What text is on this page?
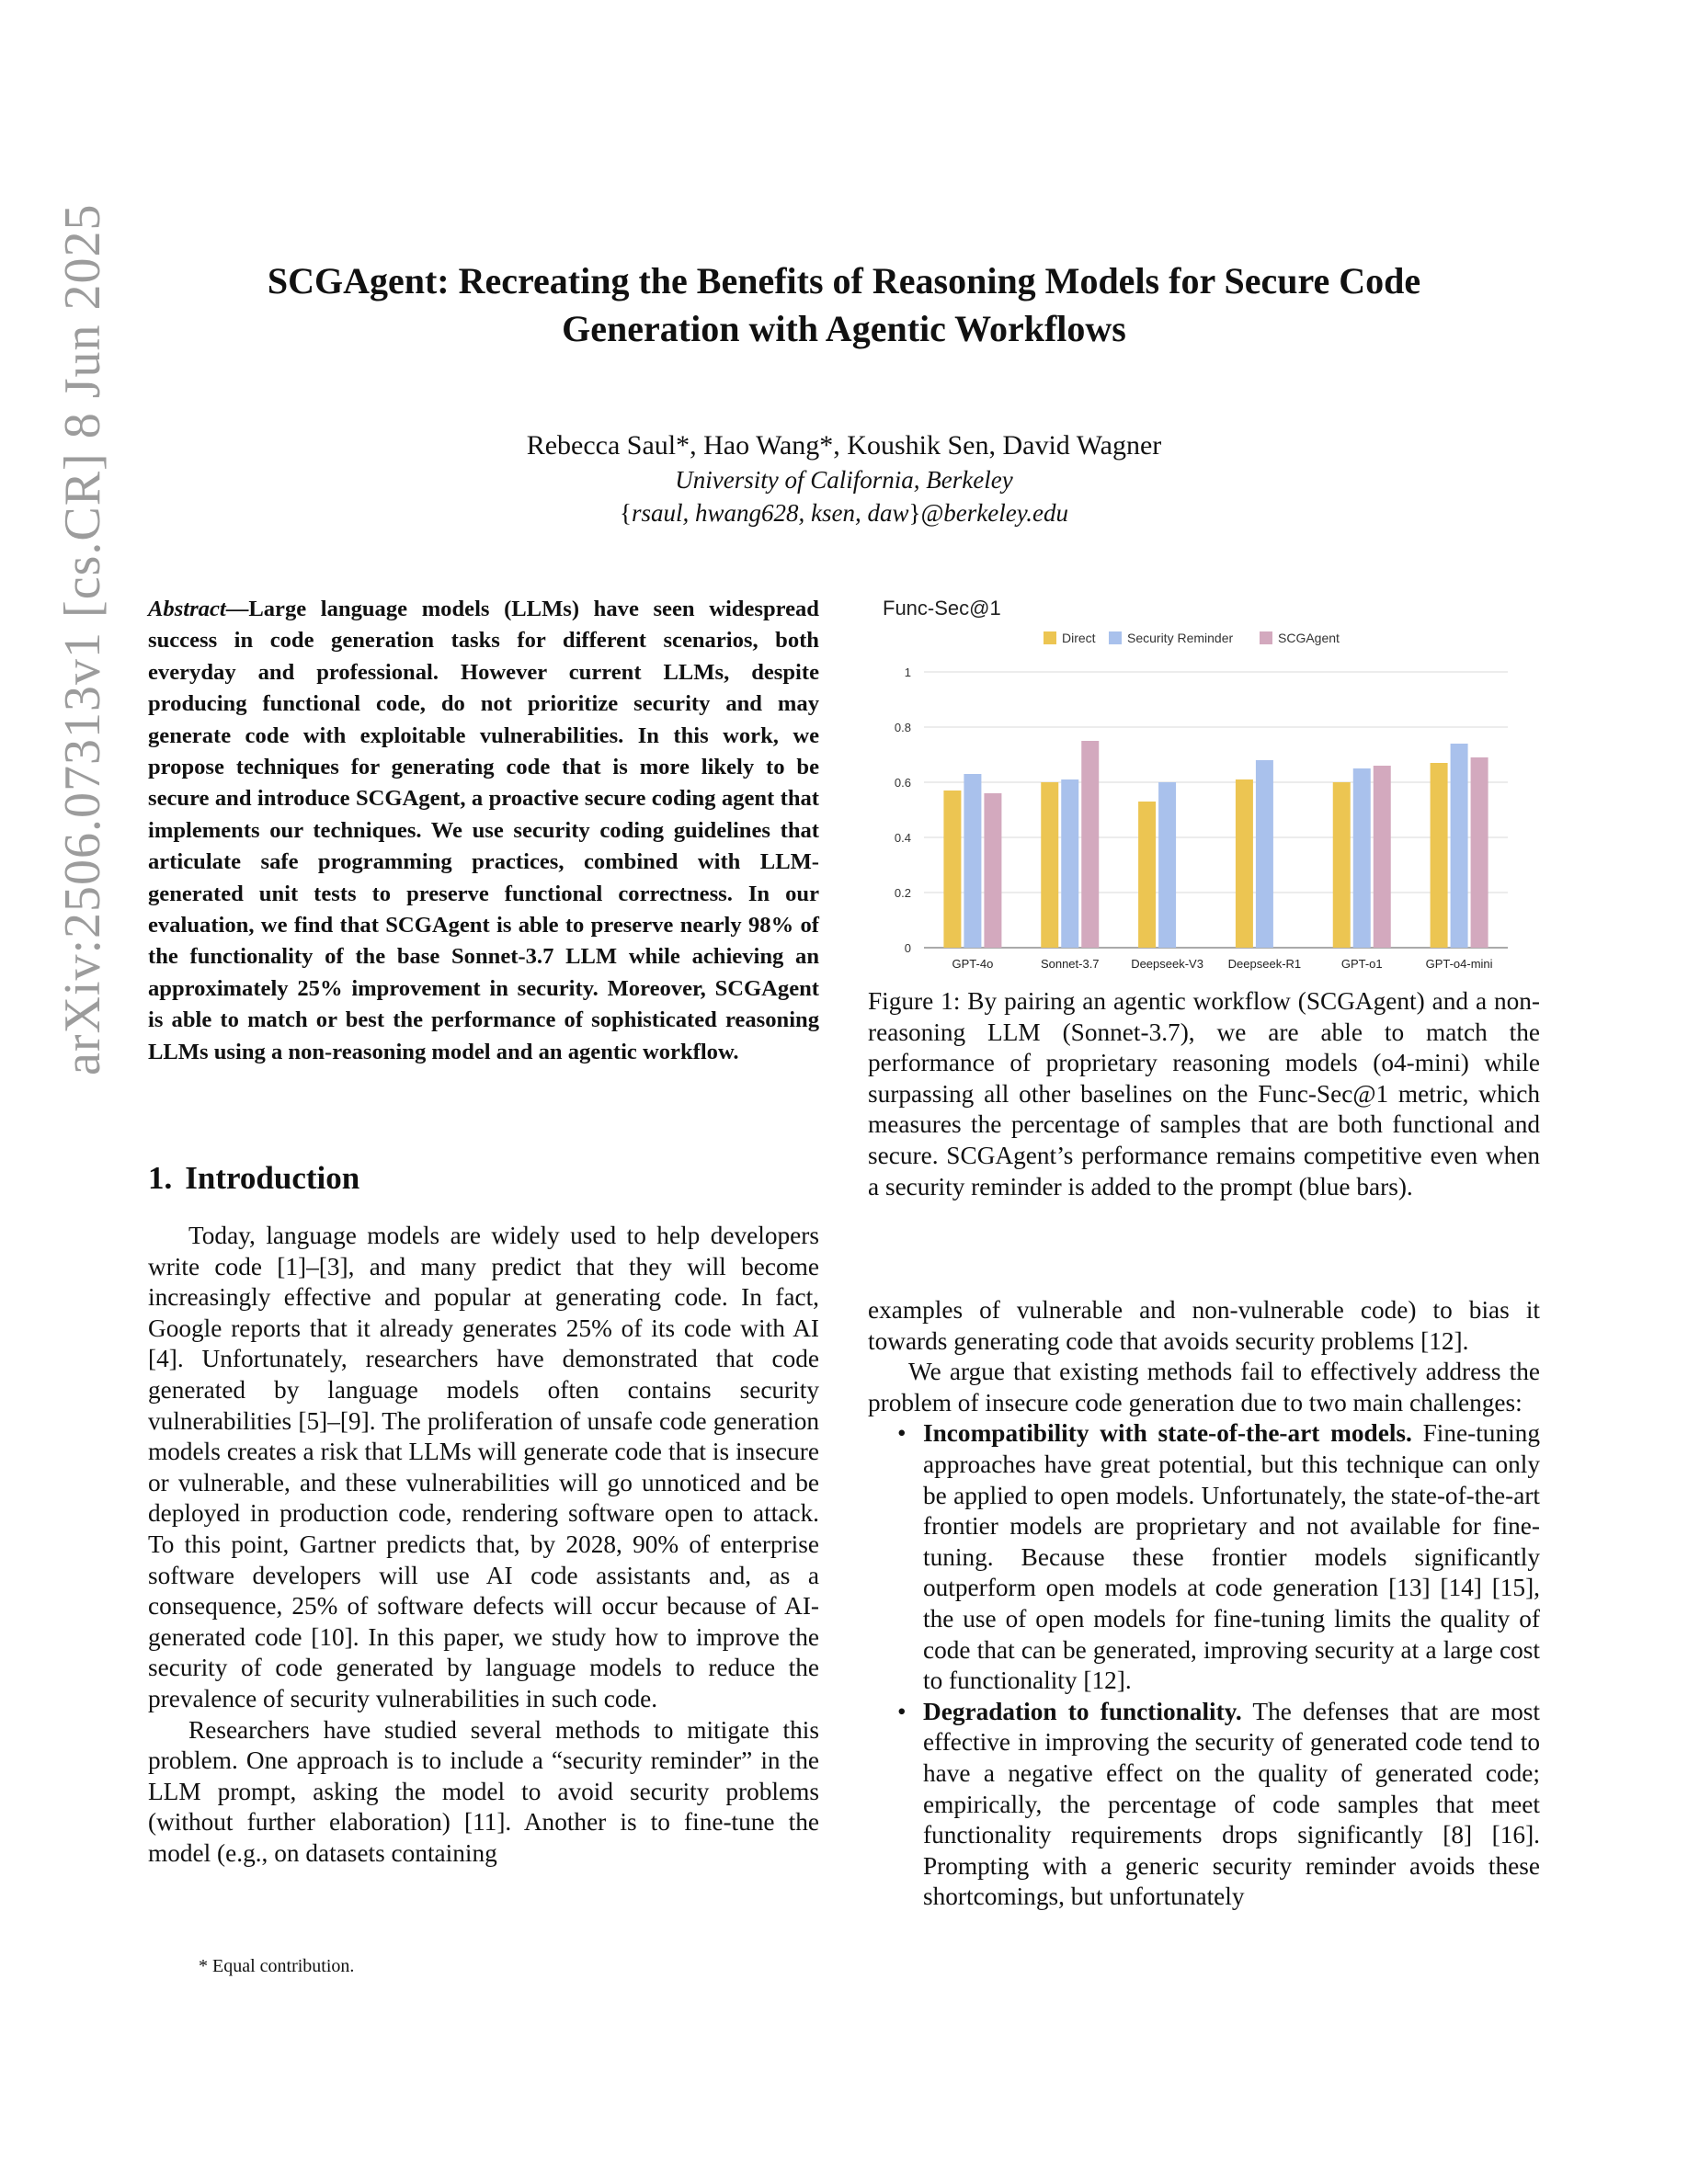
arXiv:2506.07313v1 [cs.CR] 8 Jun 2025	SCGAgent: Recreating the Benefits of Reasoning Models for Secure Code
Generation with Agentic Workflows
Rebecca Saul*, Hao Wang*, Koushik Sen, David Wagner
University of California, Berkeley
{rsaul, hwang628, ksen, daw}@berkeley.edu

Abstract—Large language models (LLMs) have seen widespread success in code generation tasks for different scenarios, both everyday and professional. However current LLMs, despite producing functional code, do not prioritize security and may generate code with exploitable vulnerabilities. In this work, we propose techniques for generating code that is more likely to be secure and introduce SCGAgent, a proactive secure coding agent that implements our techniques. We use security coding guidelines that articulate safe programming practices, combined with LLM-generated unit tests to preserve functional correctness. In our evaluation, we find that SCGAgent is able to preserve nearly 98% of the functionality of the base Sonnet-3.7 LLM while achieving an approximately 25% improvement in security. Moreover, SCGAgent is able to match or best the performance of sophisticated reasoning LLMs using a non-reasoning model and an agentic workflow.

1. Introduction

Today, language models are widely used to help developers write code [1]–[3], and many predict that they will become increasingly effective and popular at generating code. In fact, Google reports that it already generates 25% of its code with AI [4]. Unfortunately, researchers have demonstrated that code generated by language models often contains security vulnerabilities [5]–[9]. The proliferation of unsafe code generation models creates a risk that LLMs will generate code that is insecure or vulnerable, and these vulnerabilities will go unnoticed and be deployed in production code, rendering software open to attack. To this point, Gartner predicts that, by 2028, 90% of enterprise software developers will use AI code assistants and, as a consequence, 25% of software defects will occur because of AI-generated code [10]. In this paper, we study how to improve the security of code generated by language models to reduce the prevalence of security vulnerabilities in such code.

Researchers have studied several methods to mitigate this problem. One approach is to include a “security reminder” in the LLM prompt, asking the model to avoid security problems (without further elaboration) [11]. Another is to fine-tune the model (e.g., on datasets containing

* Equal contribution.
Func-Sec@1
Direct Security Reminder	SCGAgent
0
0.2
0.4
0.6
0.8
1
GPT-4o	Sonnet-3.7	Deepseek-V3 Deepseek-R1	GPT-o1	GPT-o4-mini
Figure 1: By pairing an agentic workflow (SCGAgent) and a non-reasoning LLM (Sonnet-3.7), we are able to match the performance of proprietary reasoning models (o4-mini) while surpassing all other baselines on the Func-Sec@1 metric, which measures the percentage of samples that are both functional and secure. SCGAgent’s performance remains competitive even when a security reminder is added to the prompt (blue bars).

examples of vulnerable and non-vulnerable code) to bias it towards generating code that avoids security problems [12].

We argue that existing methods fail to effectively address the problem of insecure code generation due to two main challenges:

• Incompatibility with state-of-the-art models. Fine-tuning approaches have great potential, but this technique can only be applied to open models. Unfortunately, the state-of-the-art frontier models are proprietary and not available for fine-tuning. Because these frontier models significantly outperform open models at code generation [13] [14] [15], the use of open models for fine-tuning limits the quality of code that can be generated, improving security at a large cost to functionality [12].
• Degradation to functionality. The defenses that are most effective in improving the security of generated code tend to have a negative effect on the quality of generated code; empirically, the percentage of code samples that meet functionality requirements drops significantly [8] [16]. Prompting with a generic security reminder avoids these shortcomings, but unfortunately
